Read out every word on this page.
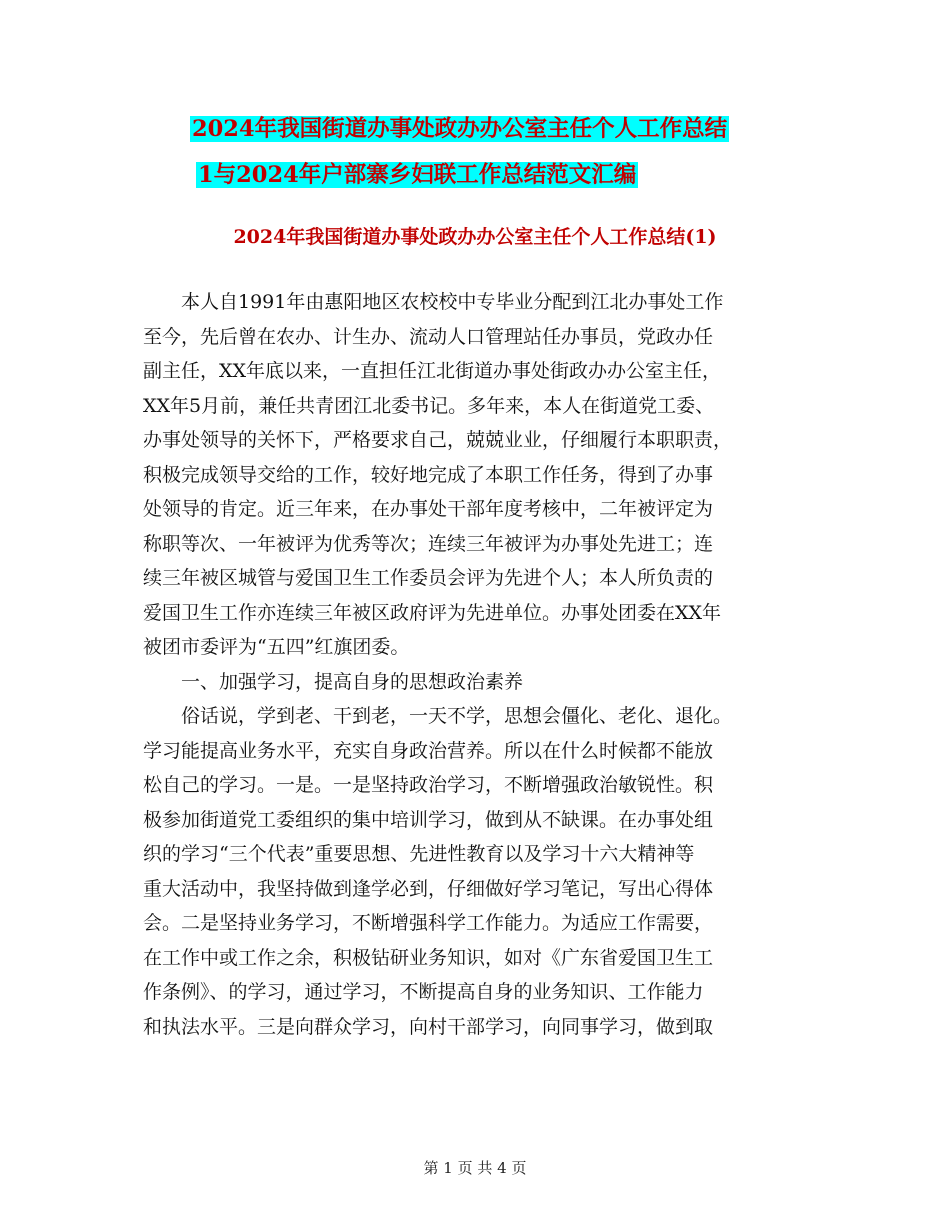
2024年我国街道办事处政办办公室主任个人工作总结
1与2024年户部寨乡妇联工作总结范文汇编
2024年我国街道办事处政办办公室主任个人工作总结(1)
本人自1991年由惠阳地区农校校中专毕业分配到江北办事处工作
至今，先后曾在农办、计生办、流动人口管理站任办事员，党政办任
副主任，XX年底以来，一直担任江北街道办事处街政办办公室主任，
XX年5月前，兼任共青团江北委书记。多年来，本人在街道党工委、
办事处领导的关怀下，严格要求自己，兢兢业业，仔细履行本职职责，
积极完成领导交给的工作，较好地完成了本职工作任务，得到了办事
处领导的肯定。近三年来，在办事处干部年度考核中，二年被评定为
称职等次、一年被评为优秀等次；连续三年被评为办事处先进工；连
续三年被区城管与爱国卫生工作委员会评为先进个人；本人所负责的
爱国卫生工作亦连续三年被区政府评为先进单位。办事处团委在XX年
被团市委评为“五四”红旗团委。
一、加强学习，提高自身的思想政治素养
俗话说，学到老、干到老，一天不学，思想会僵化、老化、退化。
学习能提高业务水平，充实自身政治营养。所以在什么时候都不能放
松自己的学习。一是。一是坚持政治学习，不断增强政治敏锐性。积
极参加街道党工委组织的集中培训学习，做到从不缺课。在办事处组
织的学习“三个代表”重要思想、先进性教育以及学习十六大精神等
重大活动中，我坚持做到逢学必到，仔细做好学习笔记，写出心得体
会。二是坚持业务学习，不断增强科学工作能力。为适应工作需要，
在工作中或工作之余，积极钻研业务知识，如对《广东省爱国卫生工
作条例》、的学习，通过学习，不断提高自身的业务知识、工作能力
和执法水平。三是向群众学习，向村干部学习，向同事学习，做到取
第 1 页 共 4 页
